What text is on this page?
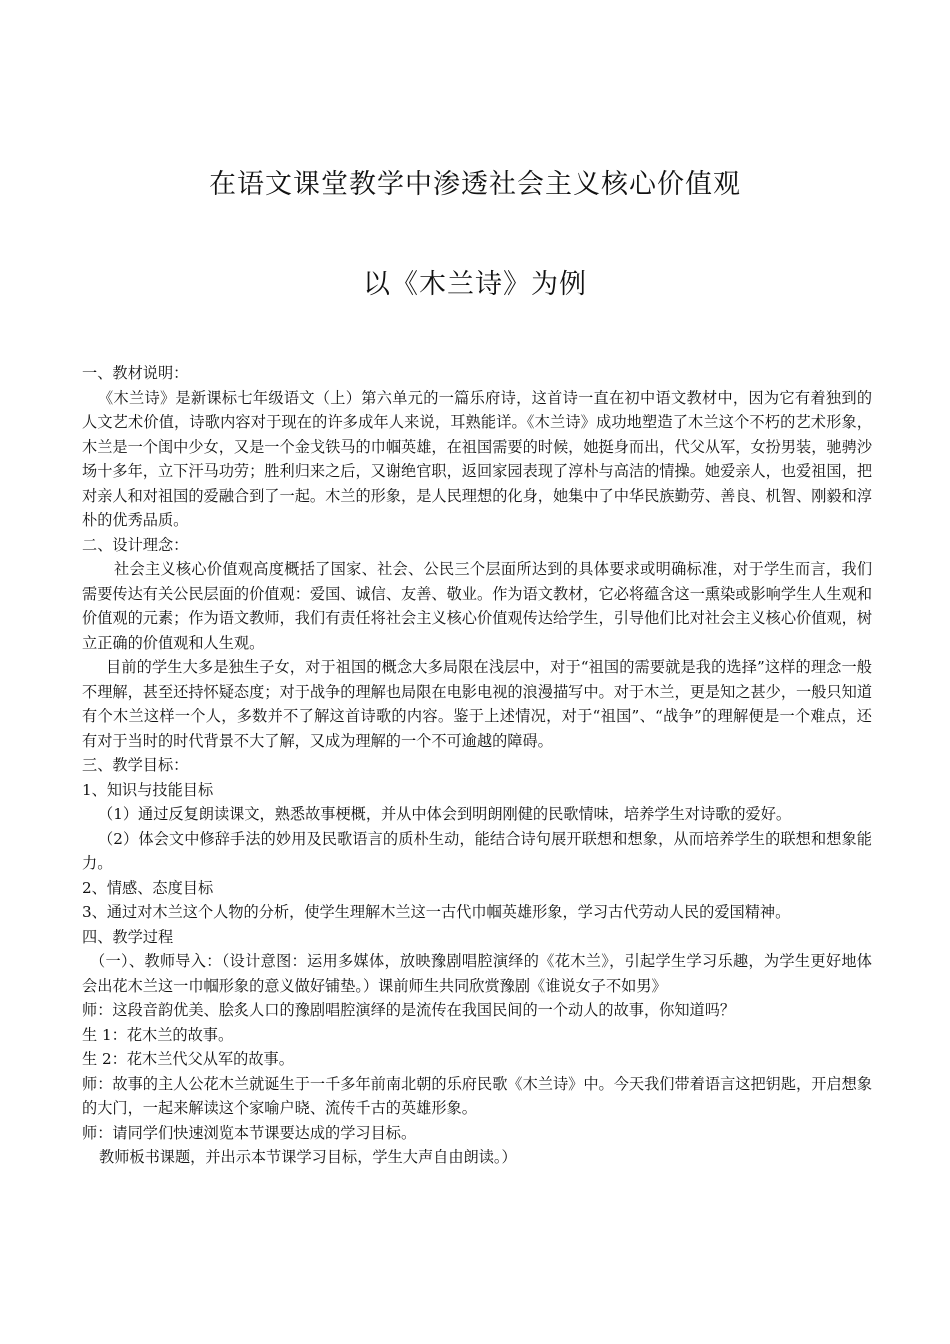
在语文课堂教学中渗透社会主义核心价值观
以《木兰诗》为例

一、教材说明：

《木兰诗》是新课标七年级语文（上）第六单元的一篇乐府诗，这首诗一直在初中语文教材中，因为它有着独到的人文艺术价值，诗歌内容对于现在的许多成年人来说，耳熟能详。《木兰诗》成功地塑造了木兰这个不朽的艺术形象，木兰是一个闺中少女，又是一个金戈铁马的巾帼英雄，在祖国需要的时候，她挺身而出，代父从军，女扮男装，驰骋沙场十多年，立下汗马功劳；胜利归来之后，又谢绝官职，返回家园表现了淳朴与高洁的情操。她爱亲人，也爱祖国，把对亲人和对祖国的爱融合到了一起。木兰的形象，是人民理想的化身，她集中了中华民族勤劳、善良、机智、刚毅和淳朴的优秀品质。

二、设计理念：

社会主义核心价值观高度概括了国家、社会、公民三个层面所达到的具体要求或明确标准，对于学生而言，我们需要传达有关公民层面的价值观：爱国、诚信、友善、敬业。作为语文教材，它必将蕴含这一熏染或影响学生人生观和价值观的元素；作为语文教师，我们有责任将社会主义核心价值观传达给学生，引导他们比对社会主义核心价值观，树立正确的价值观和人生观。

目前的学生大多是独生子女，对于祖国的概念大多局限在浅层中，对于“祖国的需要就是我的选择”这样的理念一般不理解，甚至还持怀疑态度；对于战争的理解也局限在电影电视的浪漫描写中。对于木兰，更是知之甚少，一般只知道有个木兰这样一个人，多数并不了解这首诗歌的内容。鉴于上述情况，对于“祖国”、“战争”的理解便是一个难点，还有对于当时的时代背景不大了解，又成为理解的一个不可逾越的障碍。

三、教学目标：

1、知识与技能目标

（1）通过反复朗读课文，熟悉故事梗概，并从中体会到明朗刚健的民歌情味，培养学生对诗歌的爱好。

（2）体会文中修辞手法的妙用及民歌语言的质朴生动，能结合诗句展开联想和想象，从而培养学生的联想和想象能力。

2、情感、态度目标

3、通过对木兰这个人物的分析，使学生理解木兰这一古代巾帼英雄形象，学习古代劳动人民的爱国精神。

四、教学过程

（一）、教师导入：（设计意图：运用多媒体，放映豫剧唱腔演绎的《花木兰》，引起学生学习乐趣，为学生更好地体会出花木兰这一巾帼形象的意义做好铺垫。）课前师生共同欣赏豫剧《谁说女子不如男》

师：这段音韵优美、脍炙人口的豫剧唱腔演绎的是流传在我国民间的一个动人的故事，你知道吗？

生 1：花木兰的故事。

生 2：花木兰代父从军的故事。

师：故事的主人公花木兰就诞生于一千多年前南北朝的乐府民歌《木兰诗》中。今天我们带着语言这把钥匙，开启想象的大门，一起来解读这个家喻户晓、流传千古的英雄形象。

师：请同学们快速浏览本节课要达成的学习目标。

教师板书课题，并出示本节课学习目标，学生大声自由朗读。）
